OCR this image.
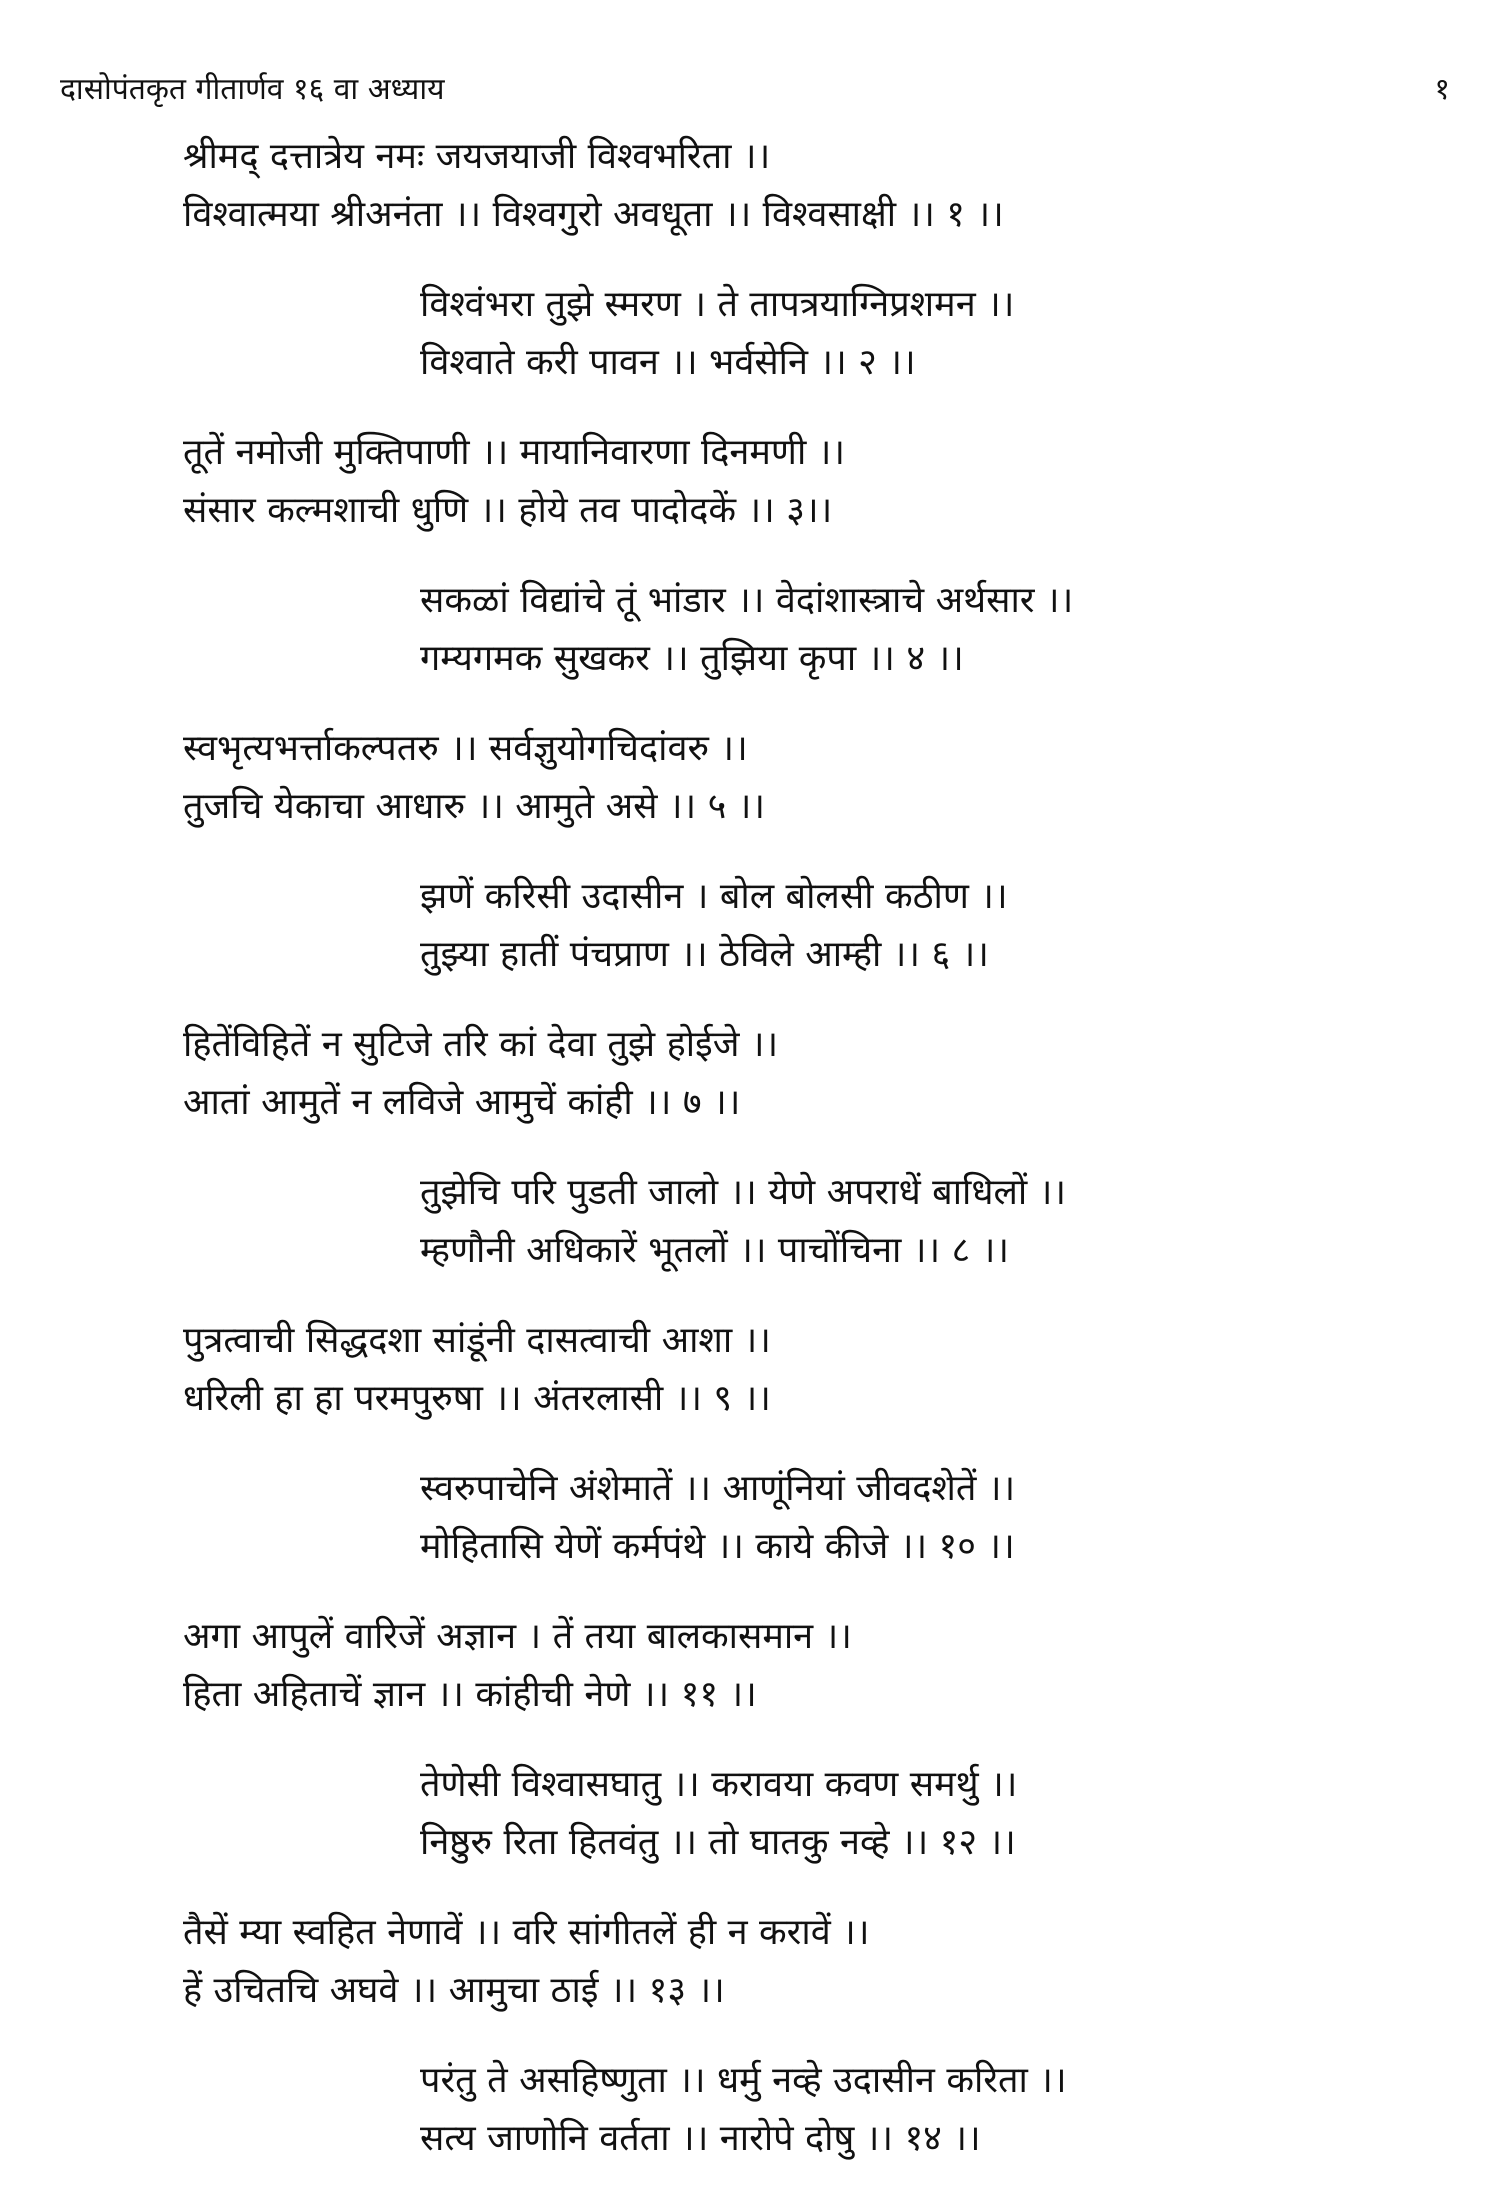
दासोपंतकृत गीतार्णव १६ वा अध्याय	१
श्रीमद् दत्तात्रेय नमः जयजयाजी विश्वभरिता ।।
विश्वात्मया श्रीअनंता ।। विश्वगुरो अवधूता ।। विश्वसाक्षी ।। १ ।।
विश्वंभरा तुझे स्मरण । ते तापत्रयाग्निप्रशमन ।।
विश्वाते करी पावन ।। भर्वसेनि ।। २ ।।
तूतें नमोजी मुक्तिपाणी ।। मायानिवारणा दिनमणी ।।
संसार कल्मशाची धुणि ।। होये तव पादोदकें ।। ३।।
सकळां विद्यांचे तूं भांडार ।। वेदांशास्त्राचे अर्थसार ।।
गम्यगमक सुखकर ।। तुझिया कृपा ।। ४ ।।
स्वभृत्यभर्त्ताकल्पतरु ।। सर्वज्ञुयोगचिदांवरु ।।
तुजचि येकाचा आधारु ।। आमुते असे ।। ५ ।।
झणें करिसी उदासीन । बोल बोलसी कठीण ।।
तुझ्या हातीं पंचप्राण ।। ठेविले आम्ही ।। ६ ।।
हितेंविहितें न सुटिजे तरि कां देवा तुझे होईजे ।।
आतां आमुतें न लविजे आमुचें कांही ।। ७ ।।
तुझेचि परि पुडती जालो ।। येणे अपराधें बाधिलों ।।
म्हणौनी अधिकारें भूतलों ।। पाचोंचिना ।। ८ ।।
पुत्रत्वाची सिद्धदशा सांडूंनी दासत्वाची आशा ।।
धरिली हा हा परमपुरुषा ।। अंतरलासी ।। ९ ।।
स्वरुपाचेनि अंशेमातें ।। आणूंनियां जीवदशेतें ।।
मोहितासि येणें कर्मपंथे ।। काये कीजे ।। १० ।।
अगा आपुलें वारिजें अज्ञान । तें तया बालकासमान ।।
हिता अहिताचें ज्ञान ।। कांहीची नेणे ।। ११ ।।
तेणेसी विश्वासघातु ।। करावया कवण समर्थु ।।
निष्ठुरु रिता हितवंतु ।। तो घातकु नव्हे ।। १२ ।।
तैसें म्या स्वहित नेणावें ।। वरि सांगीतलें ही न करावें ।।
हें उचितचि अघवे ।। आमुचा ठाई ।। १३ ।।
परंतु ते असहिष्णुता ।। धर्मु नव्हे उदासीन करिता ।।
सत्य जाणोनि वर्तता ।। नारोपे दोषु ।। १४ ।।
